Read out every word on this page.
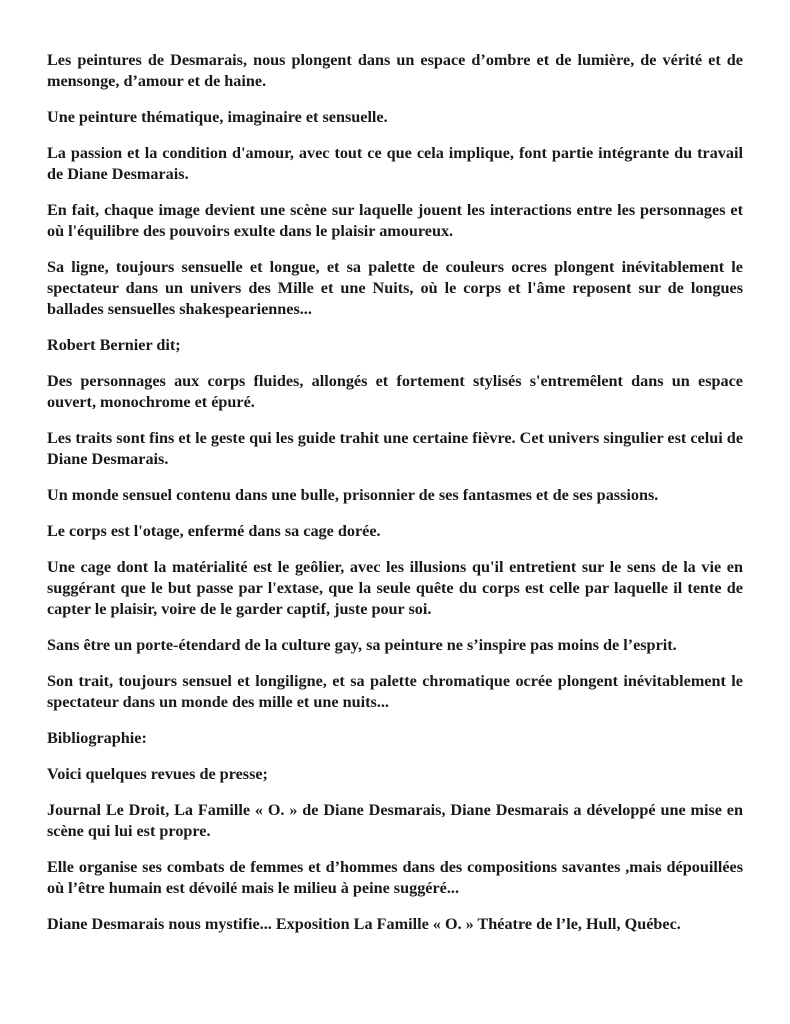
Les peintures de Desmarais, nous plongent dans un espace d’ombre et de lumière, de vérité et de mensonge, d’amour et de haine.

Une peinture thématique, imaginaire et sensuelle.

La passion et la condition d'amour, avec tout ce que cela implique, font partie intégrante du travail de Diane Desmarais.

En fait, chaque image devient une scène sur laquelle jouent les interactions entre les personnages et où l'équilibre des pouvoirs exulte dans le plaisir amoureux.

Sa ligne, toujours sensuelle et longue, et sa palette de couleurs ocres plongent inévitablement le spectateur dans un univers des Mille et une Nuits, où le corps et l'âme reposent sur de longues ballades sensuelles shakespeariennes...

Robert Bernier dit;

Des personnages aux corps fluides, allongés et fortement stylisés s'entremêlent dans un espace ouvert, monochrome et épuré.

Les traits sont fins et le geste qui les guide trahit une certaine fièvre. Cet univers singulier est celui de Diane Desmarais.

Un monde sensuel contenu dans une bulle, prisonnier de ses fantasmes et de ses passions.

Le corps est l'otage, enfermé dans sa cage dorée.

Une cage dont la matérialité est le geôlier, avec les illusions qu'il entretient sur le sens de la vie en suggérant que le but passe par l'extase, que la seule quête du corps est celle par laquelle il tente de capter le plaisir, voire de le garder captif, juste pour soi.

Sans être un porte-étendard de la culture gay, sa peinture ne s’inspire pas moins de l’esprit.

Son trait, toujours sensuel et longiligne, et sa palette chromatique ocrée plongent inévitablement le spectateur dans un monde des mille et une nuits...

Bibliographie:

Voici quelques revues de presse;

Journal Le Droit, La Famille « O. » de Diane Desmarais, Diane Desmarais a développé une mise en scène qui lui est propre.

Elle organise ses combats de femmes et d’hommes dans des compositions savantes ,mais dépouillées où l’être humain est dévoilé mais le milieu à peine suggéré...

Diane Desmarais nous mystifie... Exposition La Famille « O. » Théatre de l’le, Hull, Québec.
